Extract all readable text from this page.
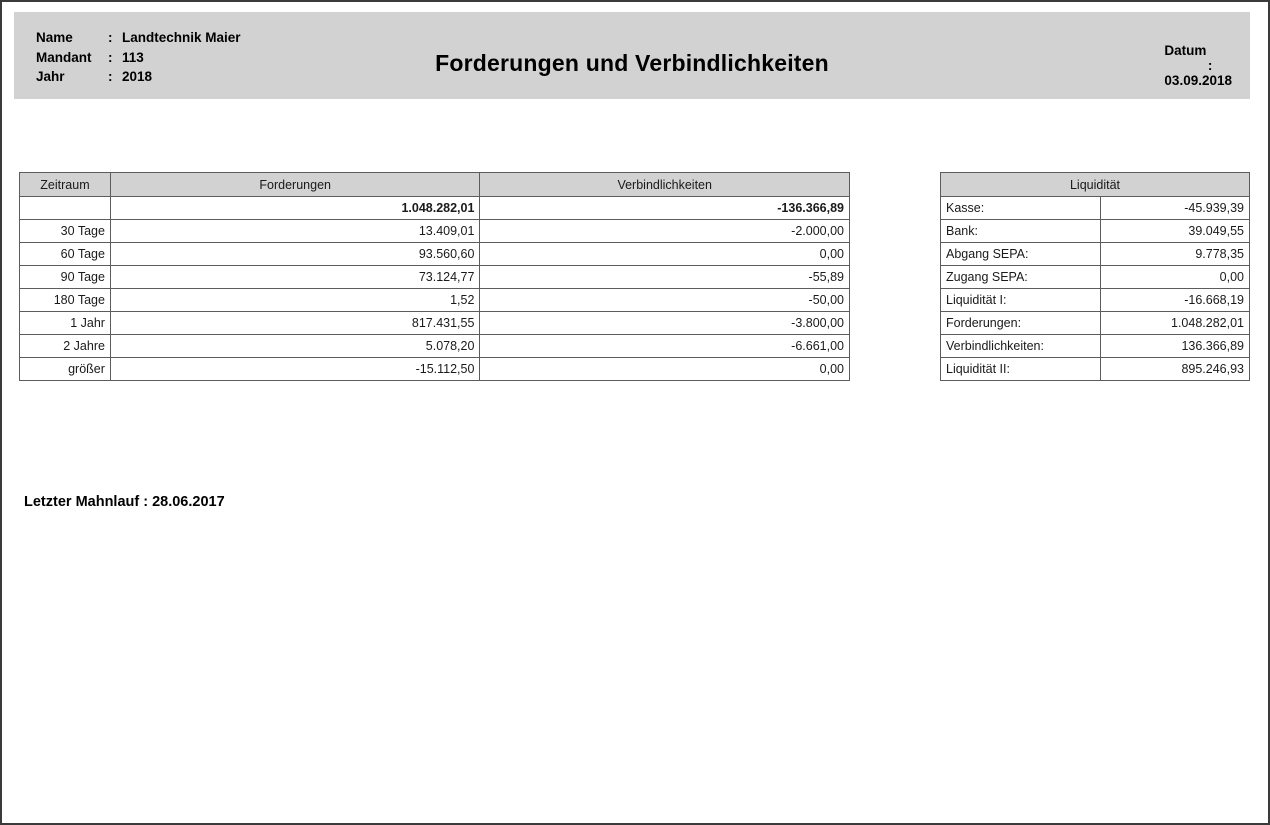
Name	: Landtechnik Maier
Mandant	: 113
Jahr	: 2018
Forderungen und Verbindlichkeiten	Datum
:
03.09.2018

Zeitraum	Forderungen	Verbindlichkeiten
	1.048.282,01	-136.366,89
30 Tage	13.409,01	-2.000,00
60 Tage	93.560,60	0,00
90 Tage	73.124,77	-55,89
180 Tage	1,52	-50,00
1 Jahr	817.431,55	-3.800,00
2 Jahre	5.078,20	-6.661,00
größer	-15.112,50	0,00
Liquidität	
Kasse:	-45.939,39
Bank:	39.049,55
Abgang SEPA:	9.778,35
Zugang SEPA:	0,00
Liquidität I:	-16.668,19
Forderungen:	1.048.282,01
Verbindlichkeiten:	136.366,89
Liquidität II:	895.246,93
Letzter Mahnlauf : 28.06.2017
